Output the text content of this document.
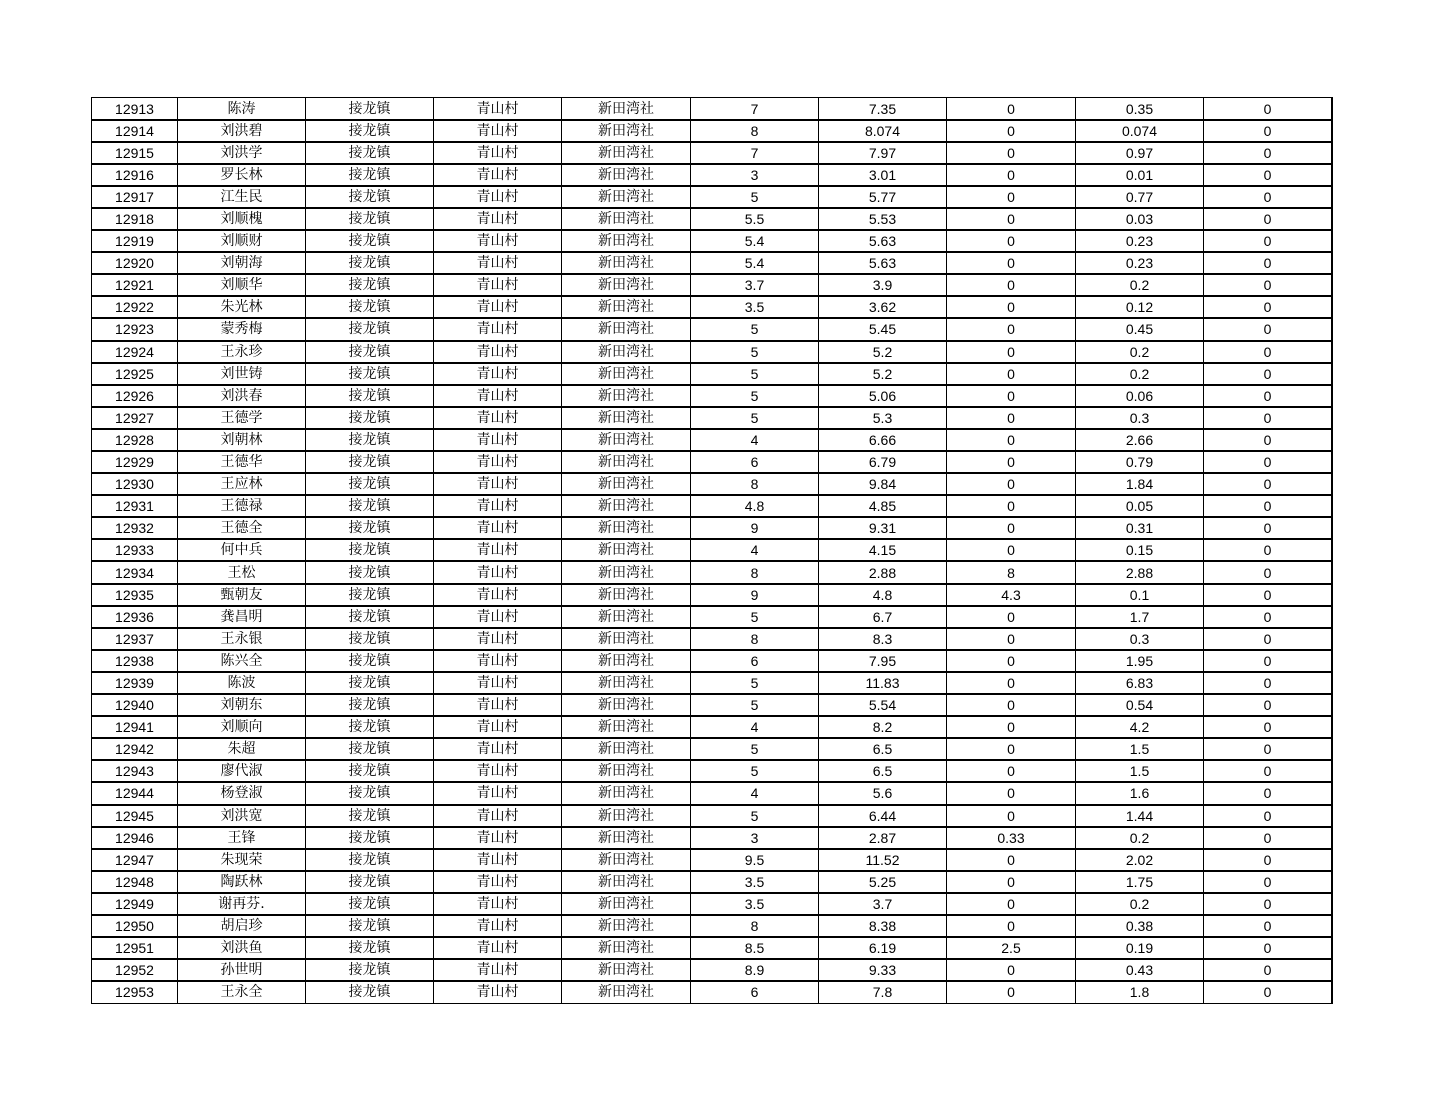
12913	陈涛	接龙镇	青山村	新田湾社	7	7.35	0	0.35	0
12914	刘洪碧	接龙镇	青山村	新田湾社	8	8.074	0	0.074	0
12915	刘洪学	接龙镇	青山村	新田湾社	7	7.97	0	0.97	0
12916	罗长林	接龙镇	青山村	新田湾社	3	3.01	0	0.01	0
12917	江生民	接龙镇	青山村	新田湾社	5	5.77	0	0.77	0
12918	刘顺槐	接龙镇	青山村	新田湾社	5.5	5.53	0	0.03	0
12919	刘顺财	接龙镇	青山村	新田湾社	5.4	5.63	0	0.23	0
12920	刘朝海	接龙镇	青山村	新田湾社	5.4	5.63	0	0.23	0
12921	刘顺华	接龙镇	青山村	新田湾社	3.7	3.9	0	0.2	0
12922	朱光林	接龙镇	青山村	新田湾社	3.5	3.62	0	0.12	0
12923	蒙秀梅	接龙镇	青山村	新田湾社	5	5.45	0	0.45	0
12924	王永珍	接龙镇	青山村	新田湾社	5	5.2	0	0.2	0
12925	刘世铸	接龙镇	青山村	新田湾社	5	5.2	0	0.2	0
12926	刘洪春	接龙镇	青山村	新田湾社	5	5.06	0	0.06	0
12927	王德学	接龙镇	青山村	新田湾社	5	5.3	0	0.3	0
12928	刘朝林	接龙镇	青山村	新田湾社	4	6.66	0	2.66	0
12929	王德华	接龙镇	青山村	新田湾社	6	6.79	0	0.79	0
12930	王应林	接龙镇	青山村	新田湾社	8	9.84	0	1.84	0
12931	王德禄	接龙镇	青山村	新田湾社	4.8	4.85	0	0.05	0
12932	王德全	接龙镇	青山村	新田湾社	9	9.31	0	0.31	0
12933	何中兵	接龙镇	青山村	新田湾社	4	4.15	0	0.15	0
12934	王松	接龙镇	青山村	新田湾社	8	2.88	8	2.88	0
12935	甄朝友	接龙镇	青山村	新田湾社	9	4.8	4.3	0.1	0
12936	龚昌明	接龙镇	青山村	新田湾社	5	6.7	0	1.7	0
12937	王永银	接龙镇	青山村	新田湾社	8	8.3	0	0.3	0
12938	陈兴全	接龙镇	青山村	新田湾社	6	7.95	0	1.95	0
12939	陈波	接龙镇	青山村	新田湾社	5	11.83	0	6.83	0
12940	刘朝东	接龙镇	青山村	新田湾社	5	5.54	0	0.54	0
12941	刘顺向	接龙镇	青山村	新田湾社	4	8.2	0	4.2	0
12942	朱超	接龙镇	青山村	新田湾社	5	6.5	0	1.5	0
12943	廖代淑	接龙镇	青山村	新田湾社	5	6.5	0	1.5	0
12944	杨登淑	接龙镇	青山村	新田湾社	4	5.6	0	1.6	0
12945	刘洪宽	接龙镇	青山村	新田湾社	5	6.44	0	1.44	0
12946	王锋	接龙镇	青山村	新田湾社	3	2.87	0.33	0.2	0
12947	朱现荣	接龙镇	青山村	新田湾社	9.5	11.52	0	2.02	0
12948	陶跃林	接龙镇	青山村	新田湾社	3.5	5.25	0	1.75	0
12949	谢再芬.	接龙镇	青山村	新田湾社	3.5	3.7	0	0.2	0
12950	胡启珍	接龙镇	青山村	新田湾社	8	8.38	0	0.38	0
12951	刘洪鱼	接龙镇	青山村	新田湾社	8.5	6.19	2.5	0.19	0
12952	孙世明	接龙镇	青山村	新田湾社	8.9	9.33	0	0.43	0
12953	王永全	接龙镇	青山村	新田湾社	6	7.8	0	1.8	0
